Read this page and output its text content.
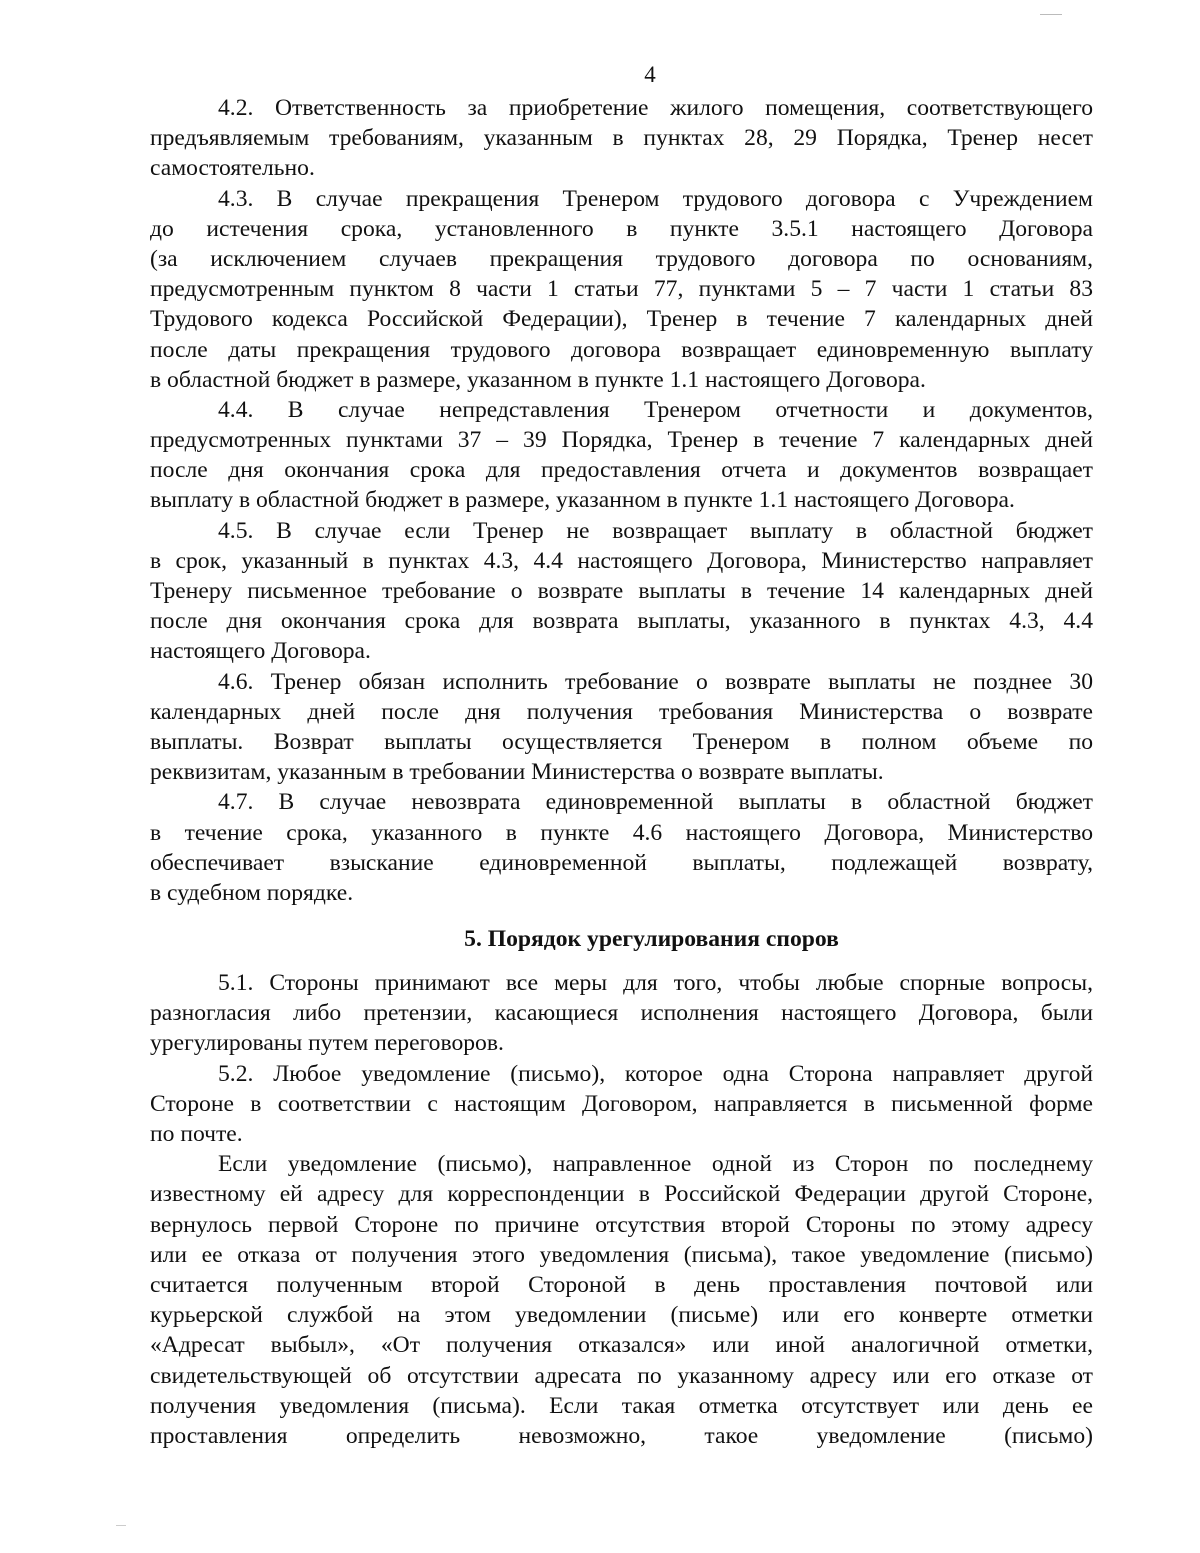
4
4.2. Ответственность за приобретение жилого помещения, соответствующего
предъявляемым требованиям, указанным в пунктах 28, 29 Порядка, Тренер несет
самостоятельно.
4.3. В случае прекращения Тренером трудового договора с Учреждением
до истечения срока, установленного в пункте 3.5.1 настоящего Договора
(за исключением случаев прекращения трудового договора по основаниям,
предусмотренным пунктом 8 части 1 статьи 77, пунктами 5 – 7 части 1 статьи 83
Трудового кодекса Российской Федерации), Тренер в течение 7 календарных дней
после даты прекращения трудового договора возвращает единовременную выплату
в областной бюджет в размере, указанном в пункте 1.1 настоящего Договора.
4.4. В случае непредставления Тренером отчетности и документов,
предусмотренных пунктами 37 – 39 Порядка, Тренер в течение 7 календарных дней
после дня окончания срока для предоставления отчета и документов возвращает
выплату в областной бюджет в размере, указанном в пункте 1.1 настоящего Договора.
4.5. В случае если Тренер не возвращает выплату в областной бюджет
в срок, указанный в пунктах 4.3, 4.4 настоящего Договора, Министерство направляет
Тренеру письменное требование о возврате выплаты в течение 14 календарных дней
после дня окончания срока для возврата выплаты, указанного в пунктах 4.3, 4.4
настоящего Договора.
4.6. Тренер обязан исполнить требование о возврате выплаты не позднее 30
календарных дней после дня получения требования Министерства о возврате
выплаты. Возврат выплаты осуществляется Тренером в полном объеме по
реквизитам, указанным в требовании Министерства о возврате выплаты.
4.7. В случае невозврата единовременной выплаты в областной бюджет
в течение срока, указанного в пункте 4.6 настоящего Договора, Министерство
обеспечивает взыскание единовременной выплаты, подлежащей возврату,
в судебном порядке.
5. Порядок урегулирования споров
5.1. Стороны принимают все меры для того, чтобы любые спорные вопросы,
разногласия либо претензии, касающиеся исполнения настоящего Договора, были
урегулированы путем переговоров.
5.2. Любое уведомление (письмо), которое одна Сторона направляет другой
Стороне в соответствии с настоящим Договором, направляется в письменной форме
по почте.
Если уведомление (письмо), направленное одной из Сторон по последнему
известному ей адресу для корреспонденции в Российской Федерации другой Стороне,
вернулось первой Стороне по причине отсутствия второй Стороны по этому адресу
или ее отказа от получения этого уведомления (письма), такое уведомление (письмо)
считается полученным второй Стороной в день проставления почтовой или
курьерской службой на этом уведомлении (письме) или его конверте отметки
«Адресат выбыл», «От получения отказался» или иной аналогичной отметки,
свидетельствующей об отсутствии адресата по указанному адресу или его отказе от
получения уведомления (письма). Если такая отметка отсутствует или день ее
проставления определить невозможно, такое уведомление (письмо)
